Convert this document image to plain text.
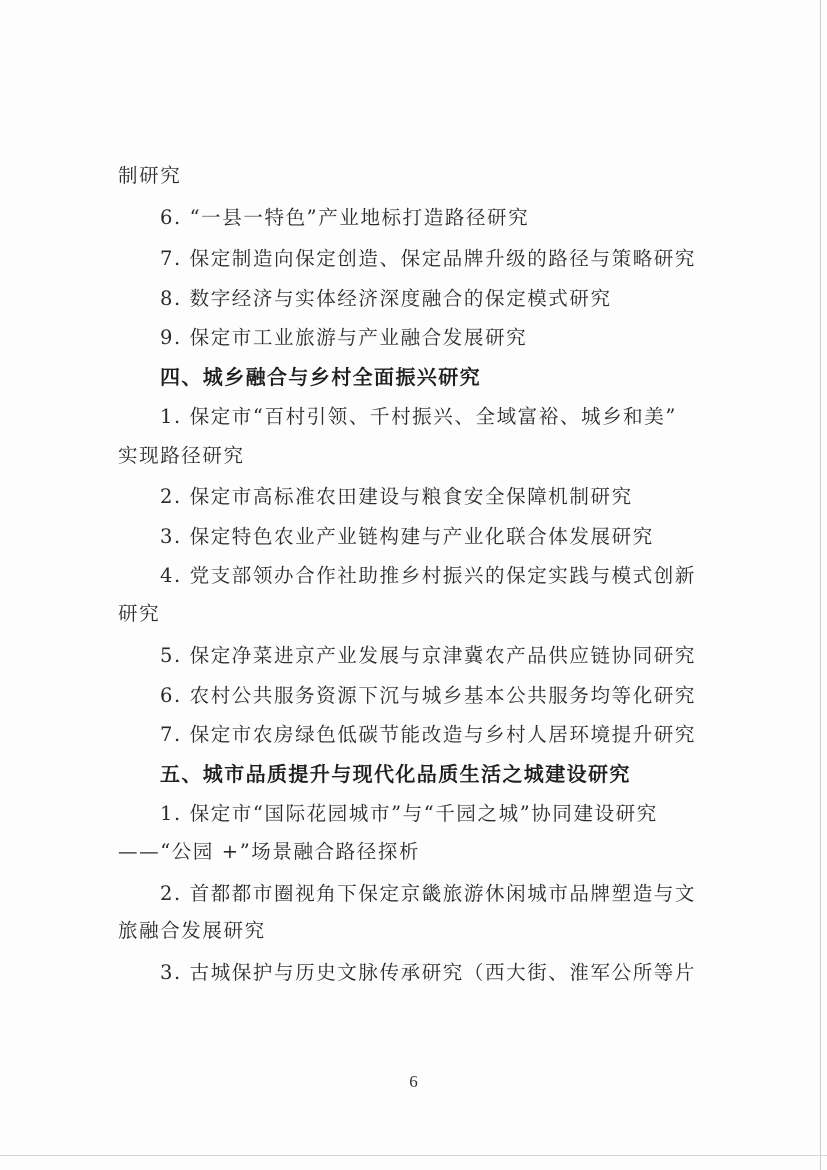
制研究
6. “一县一特色”产业地标打造路径研究
7. 保定制造向保定创造、保定品牌升级的路径与策略研究
8. 数字经济与实体经济深度融合的保定模式研究
9. 保定市工业旅游与产业融合发展研究
四、城乡融合与乡村全面振兴研究
1. 保定市“百村引领、千村振兴、全域富裕、城乡和美”
实现路径研究
2. 保定市高标准农田建设与粮食安全保障机制研究
3. 保定特色农业产业链构建与产业化联合体发展研究
4. 党支部领办合作社助推乡村振兴的保定实践与模式创新
研究
5. 保定净菜进京产业发展与京津冀农产品供应链协同研究
6. 农村公共服务资源下沉与城乡基本公共服务均等化研究
7. 保定市农房绿色低碳节能改造与乡村人居环境提升研究
五、城市品质提升与现代化品质生活之城建设研究
1. 保定市“国际花园城市”与“千园之城”协同建设研究
——“公园 +”场景融合路径探析
2. 首都都市圈视角下保定京畿旅游休闲城市品牌塑造与文
旅融合发展研究
3. 古城保护与历史文脉传承研究（西大街、淮军公所等片
6
